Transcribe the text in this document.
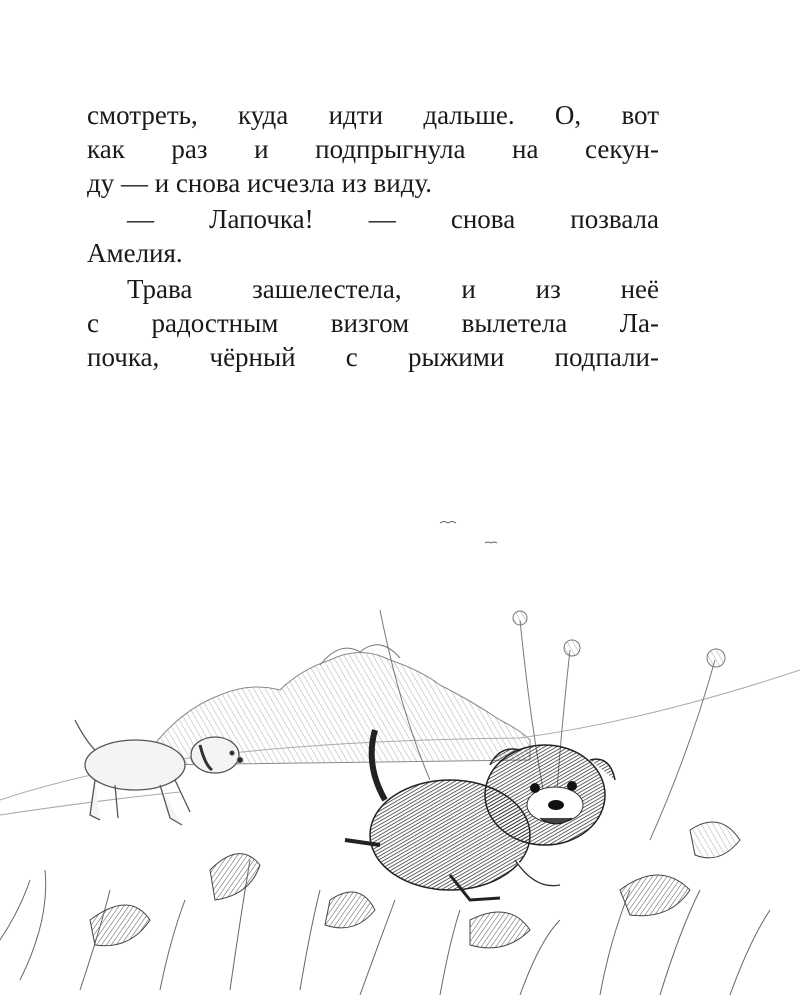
смотреть, куда идти дальше. О, вот
как раз и подпрыгнула на секун-
ду — и снова исчезла из виду.
— Лапочка! — снова позвала
Амелия.
Трава зашелестела, и из неё
с радостным визгом вылетела Ла-
почка, чёрный с рыжими подпали-
